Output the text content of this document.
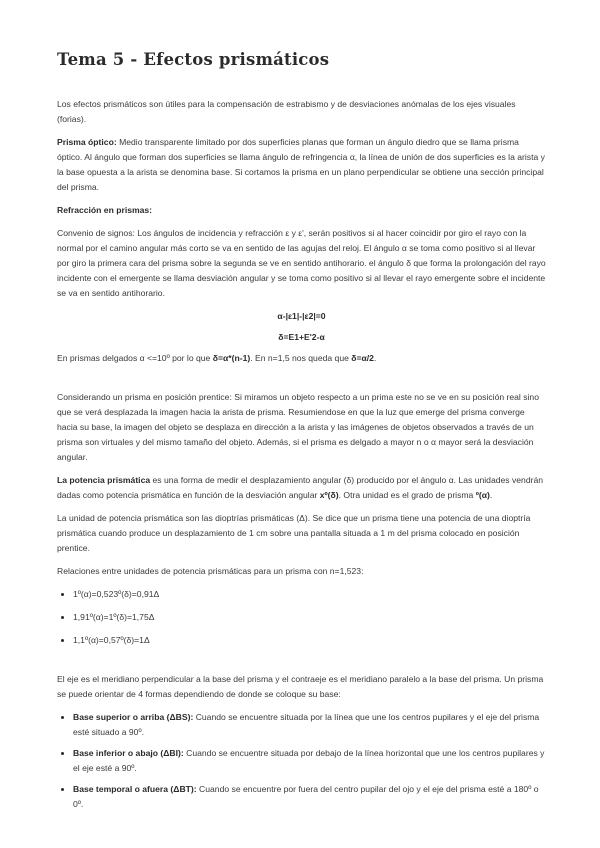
Tema 5 - Efectos prismáticos

Los efectos prismáticos son útiles para la compensación de estrabismo y de desviaciones anómalas de los ejes visuales (forias).

Prisma óptico: Medio transparente limitado por dos superficies planas que forman un ángulo diedro que se llama prisma óptico. Al ángulo que forman dos superficies se llama ángulo de refringencia α, la línea de unión de dos superficies es la arista y la base opuesta a la arista se denomina base. Si cortamos la prisma en un plano perpendicular se obtiene una sección principal del prisma.

Refracción en prismas:

Convenio de signos: Los ángulos de incidencia y refracción ε y ε', serán positivos si al hacer coincidir por giro el rayo con la normal por el camino angular más corto se va en sentido de las agujas del reloj. El ángulo α se toma como positivo si al llevar por giro la primera cara del prisma sobre la segunda se ve en sentido antihorario. el ángulo δ que forma la prolongación del rayo incidente con el emergente se llama desviación angular y se toma como positivo si al llevar el rayo emergente sobre el incidente se va en sentido antihorario.

α-|ε1|-|ε2|=0

δ=E1+E'2-α

En prismas delgados α <=10º por lo que δ=α*(n-1). En n=1,5 nos queda que δ=α/2.

Considerando un prisma en posición prentice: Si miramos un objeto respecto a un prima este no se ve en su posición real sino que se verá desplazada la imagen hacia la arista de prisma. Resumiendose en que la luz que emerge del prisma converge hacia su base, la imagen del objeto se desplaza en dirección a la arista y las imágenes de objetos observados a través de un prisma son virtuales y del mismo tamaño del objeto. Además, si el prisma es delgado a mayor n o α mayor será la desviación angular.

La potencia prismática es una forma de medir el desplazamiento angular (δ) producido por el ángulo α. Las unidades vendrán dadas como potencia prismática en función de la desviación angular xº(δ). Otra unidad es el grado de prisma º(α).

La unidad de potencia prismática son las dioptrías prismáticas (Δ). Se dice que un prisma tiene una potencia de una dioptría prismática cuando produce un desplazamiento de 1 cm sobre una pantalla situada a 1 m del prisma colocado en posición prentice.

Relaciones entre unidades de potencia prismáticas para un prisma con n=1,523:

• 1º(α)=0,523º(δ)=0,91Δ
• 1,91º(α)=1º(δ)=1,75Δ
• 1,1º(α)=0,57º(δ)=1Δ

El eje es el meridiano perpendicular a la base del prisma y el contraeje es el meridiano paralelo a la base del prisma. Un prisma se puede orientar de 4 formas dependiendo de donde se coloque su base:

• Base superior o arriba (ΔBS): Cuando se encuentre situada por la línea que une los centros pupilares y el eje del prisma esté situado a 90º.
• Base inferior o abajo (ΔBI): Cuando se encuentre situada por debajo de la línea horizontal que une los centros pupilares y el eje esté a 90º.
• Base temporal o afuera (ΔBT): Cuando se encuentre por fuera del centro pupilar del ojo y el eje del prisma esté a 180º o 0º.
